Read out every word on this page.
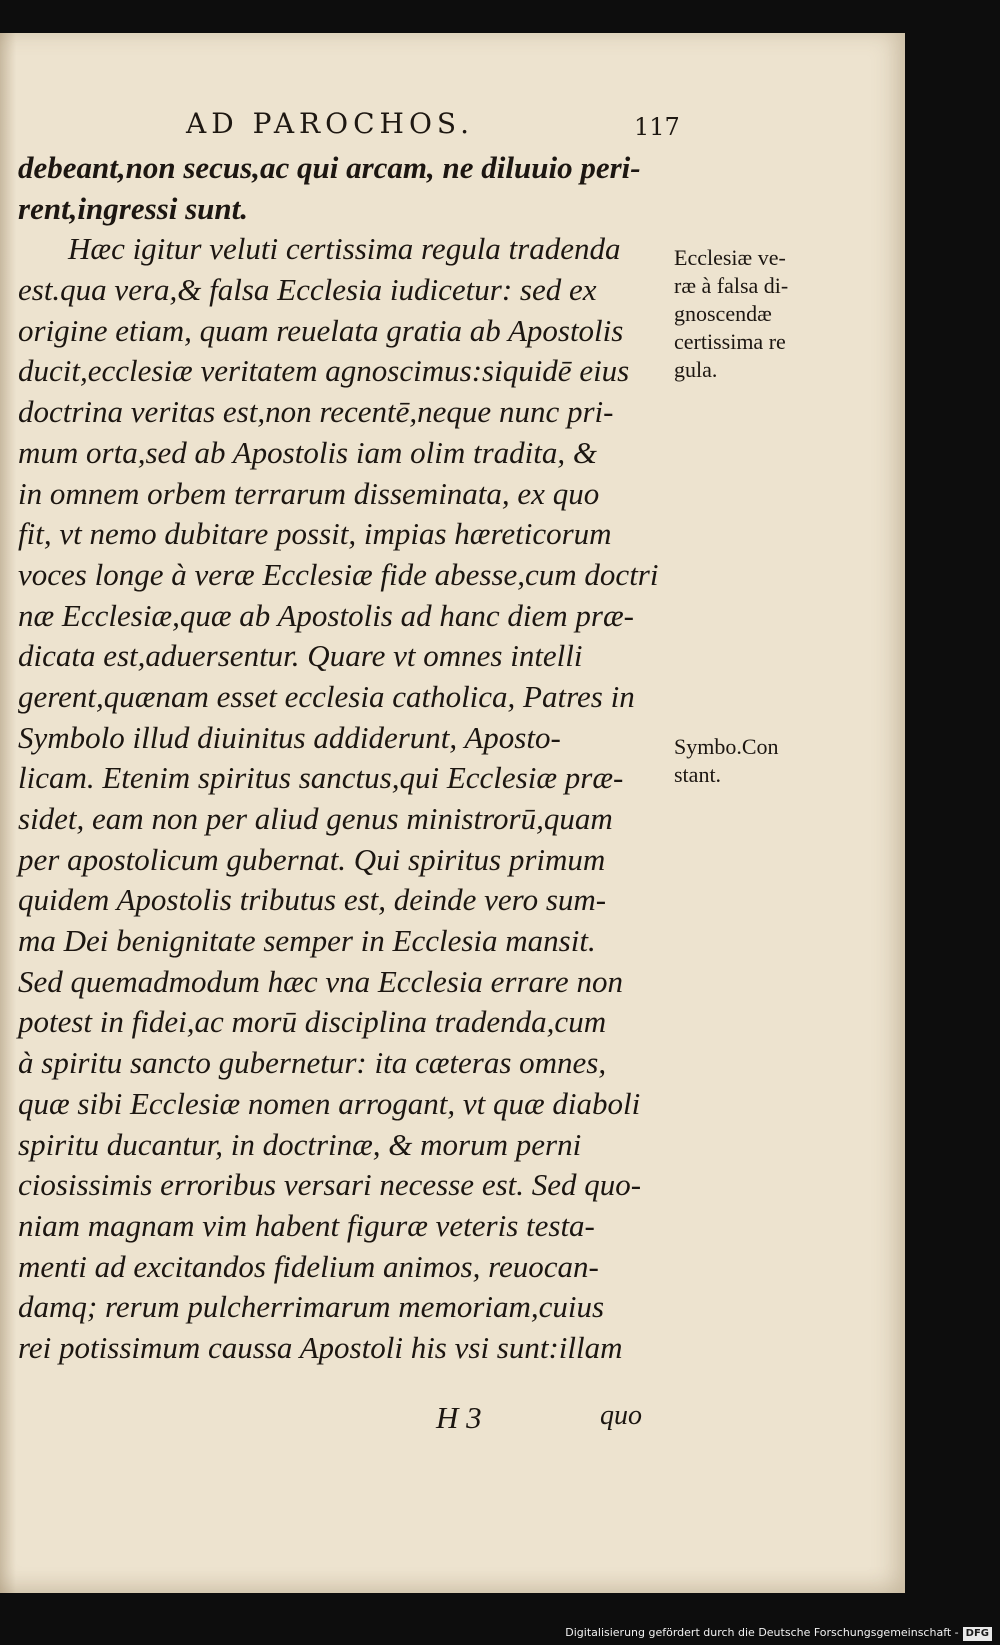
AD PAROCHOS.	117
debeant,non secus,ac qui arcam, ne diluuio peri-
rent,ingressi sunt.
Hæc igitur veluti certissima regula tradenda
est.qua vera,& falsa Ecclesia iudicetur: sed ex
origine etiam, quam reuelata gratia ab Apostolis
ducit,ecclesiæ veritatem agnoscimus:siquidē eius
doctrina veritas est,non recentē,neque nunc pri-
mum orta,sed ab Apostolis iam olim tradita, &
in omnem orbem terrarum disseminata, ex quo
fit, vt nemo dubitare possit, impias hæreticorum
voces longe à veræ Ecclesiæ fide abesse,cum doctri
næ Ecclesiæ,quæ ab Apostolis ad hanc diem præ-
dicata est,aduersentur. Quare vt omnes intelli
gerent,quænam esset ecclesia catholica, Patres in
Symbolo illud diuinitus addiderunt, Aposto-
licam. Etenim spiritus sanctus,qui Ecclesiæ præ-
sidet, eam non per aliud genus ministrorū,quam
per apostolicum gubernat. Qui spiritus primum
quidem Apostolis tributus est, deinde vero sum-
ma Dei benignitate semper in Ecclesia mansit.
Sed quemadmodum hæc vna Ecclesia errare non
potest in fidei,ac morū disciplina tradenda,cum
à spiritu sancto gubernetur: ita cæteras omnes,
quæ sibi Ecclesiæ nomen arrogant, vt quæ diaboli
spiritu ducantur, in doctrinæ, & morum perni
ciosissimis erroribus versari necesse est. Sed quo-
niam magnam vim habent figuræ veteris testa-
menti ad excitandos fidelium animos, reuocan-
damq; rerum pulcherrimarum memoriam,cuius
rei potissimum caussa Apostoli his vsi sunt:illam
Ecclesiæ ve-
ræ à falsa di-
gnoscendæ
certissima re
gula.
Symbo.Con
stant.
H 3	quo
Digitalisierung gefördert durch die Deutsche Forschungsgemeinschaft - DFG
